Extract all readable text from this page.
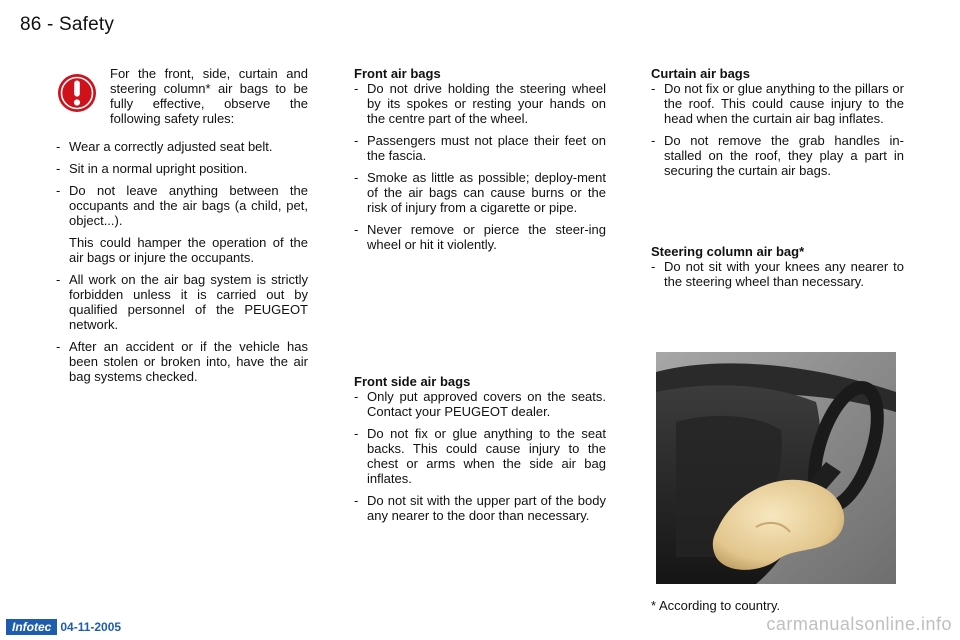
86 - Safety

For the front, side, curtain and steering column* air bags to be fully effective, observe the following safety rules:

- Wear a correctly adjusted seat belt.
- Sit in a normal upright position.
- Do not leave anything between the occupants and the air bags (a child, pet, object...).
This could hamper the operation of the air bags or injure the occupants.
- All work on the air bag system is strictly forbidden unless it is carried out by qualified personnel of the PEUGEOT network.
- After an accident or if the vehicle has been stolen or broken into, have the air bag systems checked.

Front air bags

- Do not drive holding the steering wheel by its spokes or resting your hands on the centre part of the wheel.
- Passengers must not place their feet on the fascia.
- Smoke as little as possible; deploy-ment of the air bags can cause burns or the risk of injury from a cigarette or pipe.
- Never remove or pierce the steer-ing wheel or hit it violently.

Front side air bags

- Only put approved covers on the seats. Contact your PEUGEOT dealer.
- Do not fix or glue anything to the seat backs. This could cause injury to the chest or arms when the side air bag inflates.
- Do not sit with the upper part of the body any nearer to the door than necessary.

Curtain air bags

- Do not fix or glue anything to the pillars or the roof. This could cause injury to the head when the curtain air bag inflates.
- Do not remove the grab handles in-stalled on the roof, they play a part in securing the curtain air bags.

Steering column air bag*

- Do not sit with your knees any nearer to the steering wheel than necessary.
* According to country.
Infotec 04-11-2005	carmanualsonline.info
